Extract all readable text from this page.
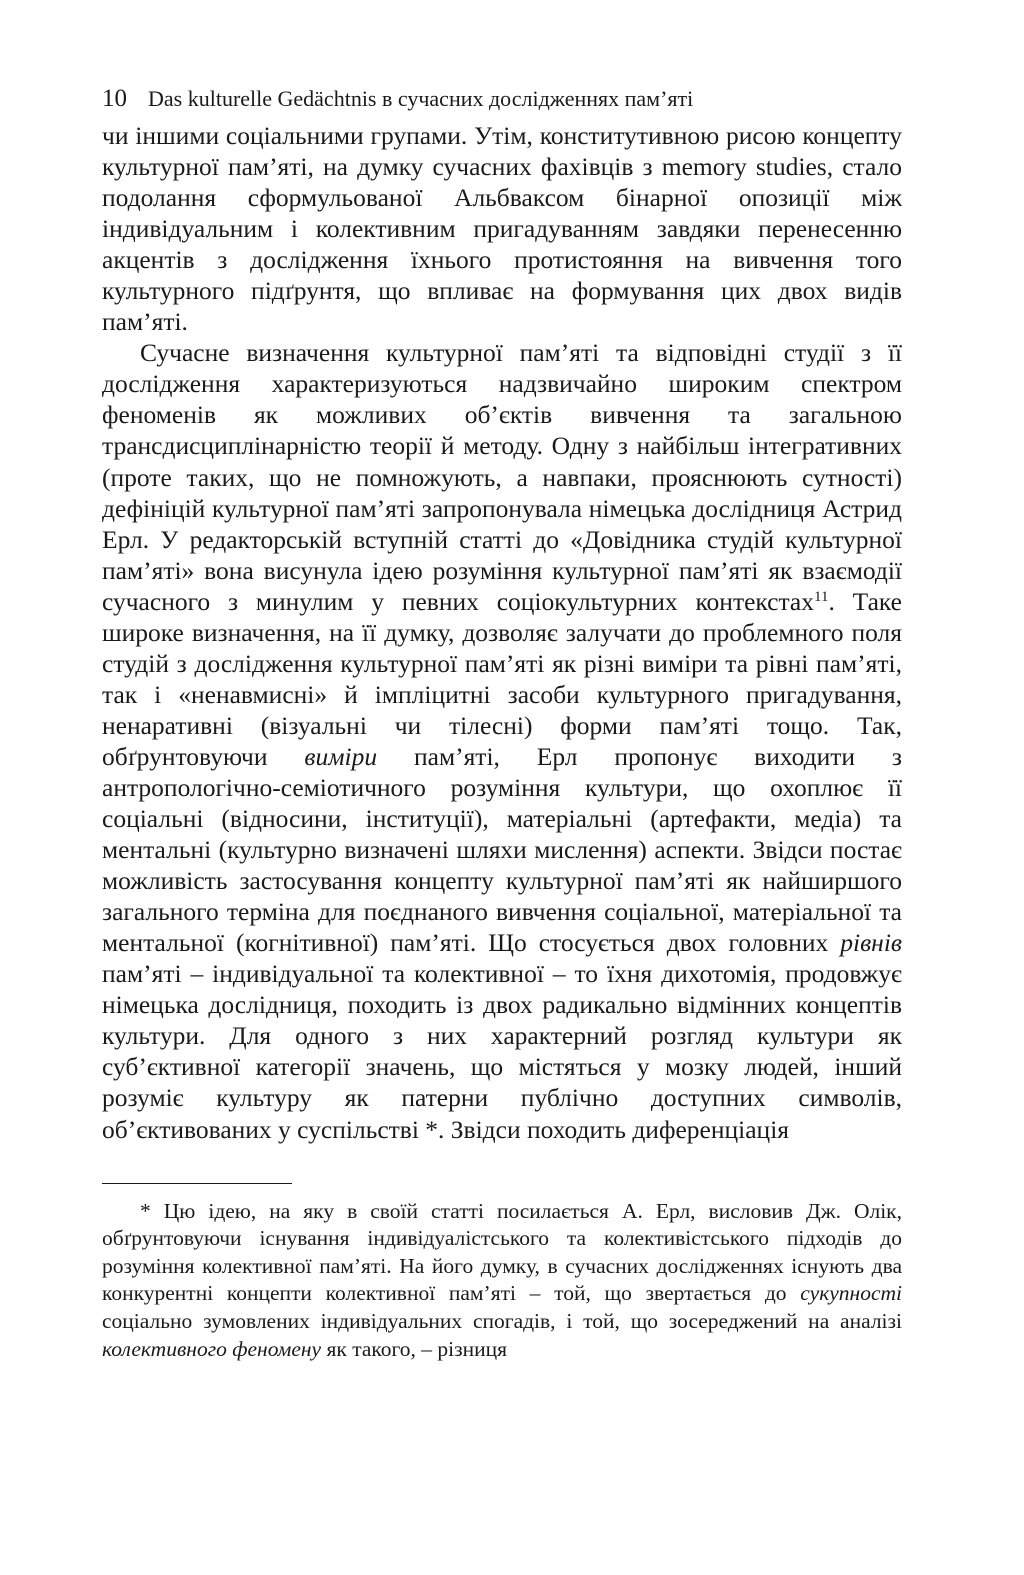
10 Das kulturelle Gedächtnis в сучасних дослідженнях пам’яті

чи іншими соціальними групами. Утім, конститутивною рисою концепту культурної пам’яті, на думку сучасних фахівців з memory studies, стало подолання сформульованої Альбваксом бінарної опозиції між індивідуальним і колективним пригадуванням завдяки перенесенню акцентів з дослідження їхнього протистояння на вивчення того культурного підґрунтя, що впливає на формування цих двох видів пам’яті.

Сучасне визначення культурної пам’яті та відповідні студії з її дослідження характеризуються надзвичайно широким спектром феноменів як можливих об’єктів вивчення та загальною трансдисциплінарністю теорії й методу. Одну з найбільш інтегративних (проте таких, що не помножують, а навпаки, прояснюють сутності) дефініцій культурної пам’яті запропонувала німецька дослідниця Астрид Ерл. У редакторській вступній статті до «Довідника студій культурної пам’яті» вона висунула ідею розуміння культурної пам’яті як взаємодії сучасного з минулим у певних соціокультурних контекстах$^{11}$. Таке широке визначення, на її думку, дозволяє залучати до проблемного поля студій з дослідження культурної пам’яті як різні виміри та рівні пам’яті, так і «ненавмисні» й імпліцитні засоби культурного пригадування, ненаративні (візуальні чи тілесні) форми пам’яті тощо. Так, обґрунтовуючи виміри пам’яті, Ерл пропонує виходити з антропологічно-семіотичного розуміння культури, що охоплює її соціальні (відносини, інституції), матеріальні (артефакти, медіа) та ментальні (культурно визначені шляхи мислення) аспекти. Звідси постає можливість застосування концепту культурної пам’яті як найширшого загального терміна для поєднаного вивчення соціальної, матеріальної та ментальної (когнітивної) пам’яті. Що стосується двох головних рівнів пам’яті – індивідуальної та колективної – то їхня дихотомія, продовжує німецька дослідниця, походить із двох радикально відмінних концептів культури. Для одного з них характерний розгляд культури як суб’єктивної категорії значень, що містяться у мозку людей, інший розуміє культуру як патерни публічно доступних символів, об’єктивованих у суспільстві *. Звідси походить диференціація

* Цю ідею, на яку в своїй статті посилається А. Ерл, висловив Дж. Олік, обґрунтовуючи існування індивідуалістського та колективістського підходів до розуміння колективної пам’яті. На його думку, в сучасних дослідженнях існують два конкурентні концепти колективної пам’яті – той, що звертається до сукупності соціально зумовлених індивідуальних спогадів, і той, що зосереджений на аналізі колективного феномену як такого, – різниця
